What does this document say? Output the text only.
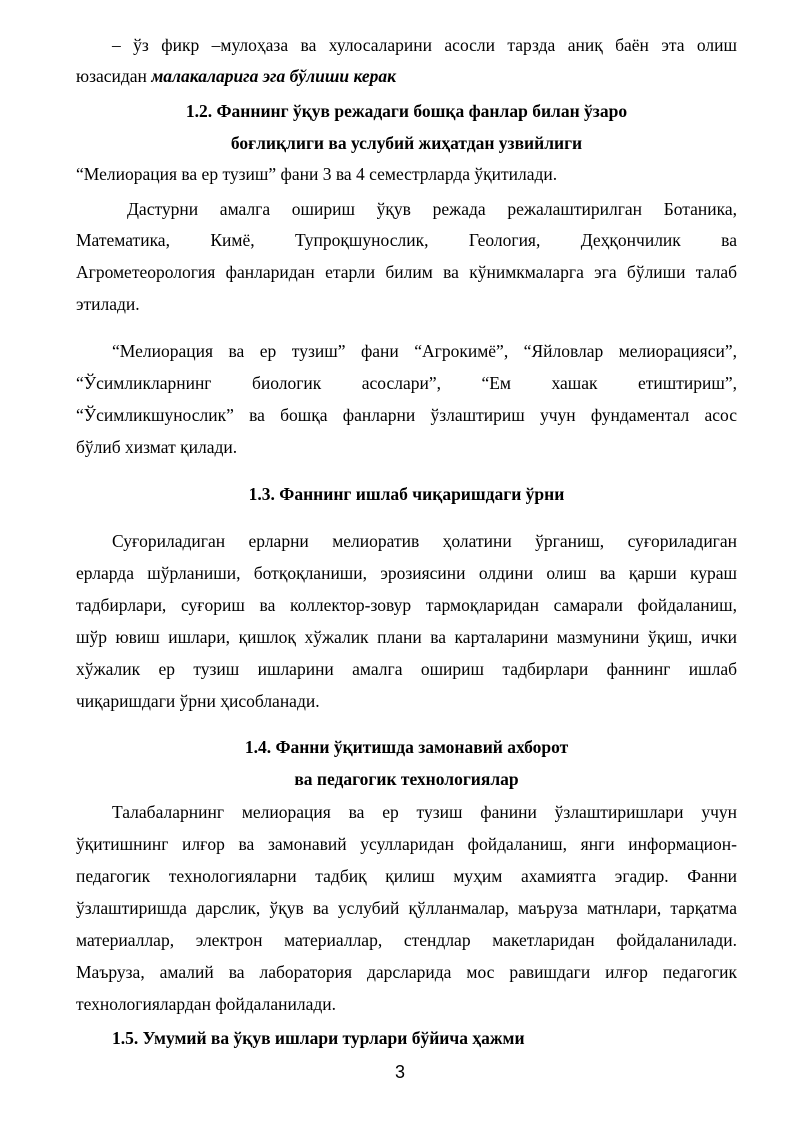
– ўз фикр –мулоҳаза ва хулосаларини асосли тарзда аниқ баён эта олиш
юзасидан малакаларига эга бўлиши керак
1.2. Фаннинг ўқув режадаги бошқа фанлар билан ўзаро
боғлиқлиги ва услубий жиҳатдан узвийлиги
“Мелиорация ва ер тузиш” фани 3 ва 4 семестрларда ўқитилади.
Дастурни амалга ошириш ўқув режада режалаштирилган Ботаника,
Математика, Кимё, Тупроқшунослик, Геология, Деҳқончилик ва
Агрометеорология фанларидан етарли билим ва кўнимкмаларга эга бўлиши талаб
этилади.
“Мелиорация ва ер тузиш” фани “Агрокимё”, “Яйловлар мелиорацияси”,
“Ўсимликларнинг биологик асослари”, “Ем хашак етиштириш”,
“Ўсимликшунослик” ва бошқа фанларни ўзлаштириш учун фундаментал асос
бўлиб хизмат қилади.
1.3. Фаннинг ишлаб чиқаришдаги ўрни
Суғориладиган ерларни мелиоратив ҳолатини ўрганиш, суғориладиган
ерларда шўрланиши, ботқоқланиши, эрозиясини олдини олиш ва қарши кураш
тадбирлари, суғориш ва коллектор-зовур тармоқларидан самарали фойдаланиш,
шўр ювиш ишлари, қишлоқ хўжалик плани ва карталарини мазмунини ўқиш, ички
хўжалик ер тузиш ишларини амалга ошириш тадбирлари фаннинг ишлаб
чиқаришдаги ўрни ҳисобланади.
1.4. Фанни ўқитишда замонавий ахборот
ва педагогик технологиялар
Талабаларнинг мелиорация ва ер тузиш фанини ўзлаштиришлари учун
ўқитишнинг илғор ва замонавий усулларидан фойдаланиш, янги информацион-
педагогик технологияларни тадбиқ қилиш муҳим ахамиятга эгадир. Фанни
ўзлаштиришда дарслик, ўқув ва услубий қўлланмалар, маъруза матнлари, тарқатма
материаллар, электрон материаллар, стендлар макетларидан фойдаланилади.
Маъруза, амалий ва лаборатория дарсларида мос равишдаги илғор педагогик
технологиялардан фойдаланилади.
1.5. Умумий ва ўқув ишлари турлари бўйича ҳажми
3
